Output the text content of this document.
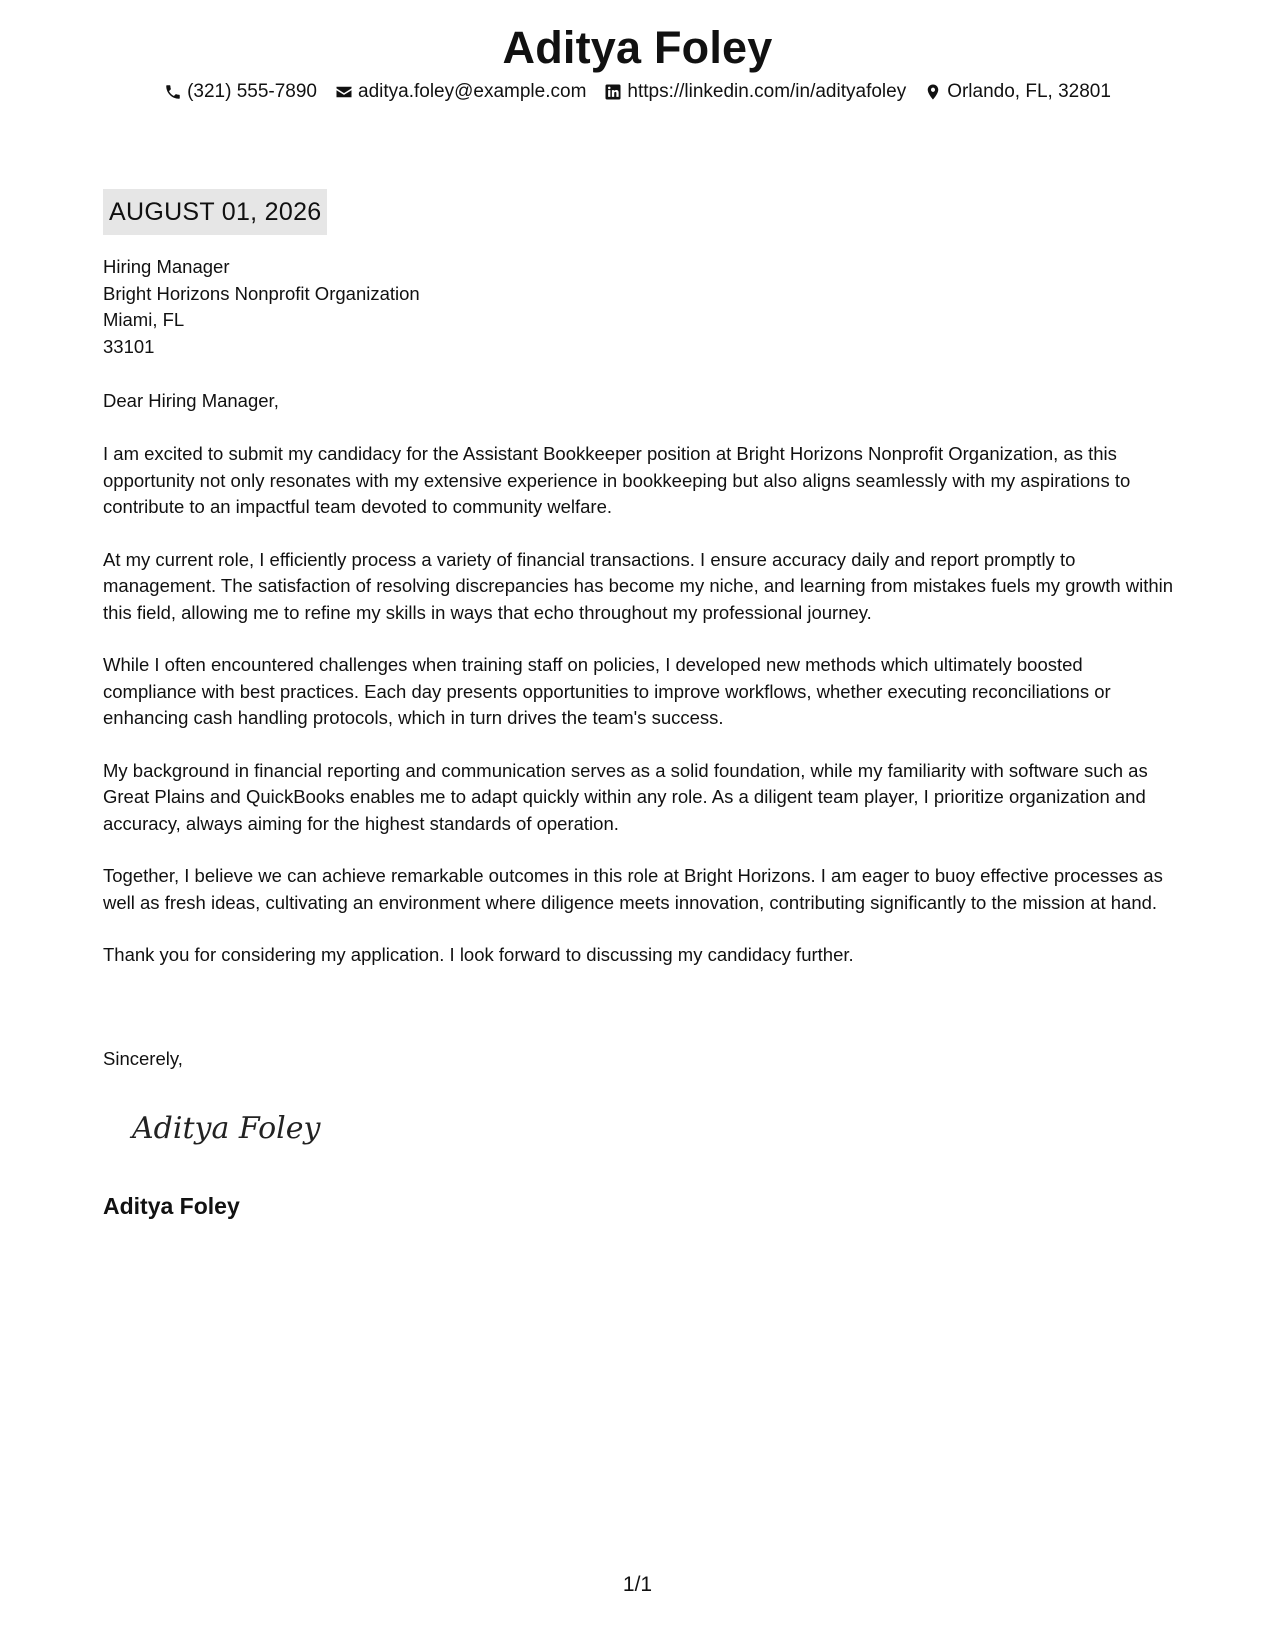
Aditya Foley
(321) 555-7890 aditya.foley@example.com https://linkedin.com/in/adityafoley Orlando, FL, 32801
AUGUST 01, 2026
Hiring Manager
Bright Horizons Nonprofit Organization
Miami, FL
33101
Dear Hiring Manager,

I am excited to submit my candidacy for the Assistant Bookkeeper position at Bright Horizons Nonprofit Organization, as this opportunity not only resonates with my extensive experience in bookkeeping but also aligns seamlessly with my aspirations to contribute to an impactful team devoted to community welfare.

At my current role, I efficiently process a variety of financial transactions. I ensure accuracy daily and report promptly to management. The satisfaction of resolving discrepancies has become my niche, and learning from mistakes fuels my growth within this field, allowing me to refine my skills in ways that echo throughout my professional journey.

While I often encountered challenges when training staff on policies, I developed new methods which ultimately boosted compliance with best practices. Each day presents opportunities to improve workflows, whether executing reconciliations or enhancing cash handling protocols, which in turn drives the team's success.

My background in financial reporting and communication serves as a solid foundation, while my familiarity with software such as Great Plains and QuickBooks enables me to adapt quickly within any role. As a diligent team player, I prioritize organization and accuracy, always aiming for the highest standards of operation.

Together, I believe we can achieve remarkable outcomes in this role at Bright Horizons. I am eager to buoy effective processes as well as fresh ideas, cultivating an environment where diligence meets innovation, contributing significantly to the mission at hand.

Thank you for considering my application. I look forward to discussing my candidacy further.

Sincerely,
Aditya Foley
Aditya Foley
1/1
